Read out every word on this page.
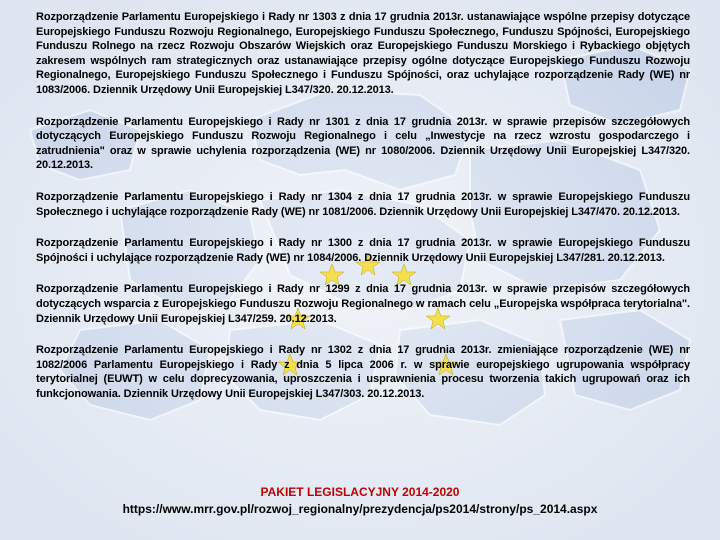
Rozporządzenie Parlamentu Europejskiego i Rady nr 1303 z dnia 17 grudnia 2013r. ustanawiające wspólne przepisy dotyczące Europejskiego Funduszu Rozwoju Regionalnego, Europejskiego Funduszu Społecznego, Funduszu Spójności, Europejskiego Funduszu Rolnego na rzecz Rozwoju Obszarów Wiejskich oraz Europejskiego Funduszu Morskiego i Rybackiego objętych zakresem wspólnych ram strategicznych oraz ustanawiające przepisy ogólne dotyczące Europejskiego Funduszu Rozwoju Regionalnego, Europejskiego Funduszu Społecznego i Funduszu Spójności, oraz uchylające rozporządzenie Rady (WE) nr 1083/2006. Dziennik Urzędowy Unii Europejskiej L347/320. 20.12.2013.

Rozporządzenie Parlamentu Europejskiego i Rady nr 1301 z dnia 17 grudnia 2013r. w sprawie przepisów szczegółowych dotyczących Europejskiego Funduszu Rozwoju Regionalnego i celu „Inwestycje na rzecz wzrostu gospodarczego i zatrudnienia" oraz w sprawie uchylenia rozporządzenia (WE) nr 1080/2006. Dziennik Urzędowy Unii Europejskiej L347/320. 20.12.2013.

Rozporządzenie Parlamentu Europejskiego i Rady nr 1304 z dnia 17 grudnia 2013r. w sprawie Europejskiego Funduszu Społecznego i uchylające rozporządzenie Rady (WE) nr 1081/2006. Dziennik Urzędowy Unii Europejskiej L347/470. 20.12.2013.

Rozporządzenie Parlamentu Europejskiego i Rady nr 1300 z dnia 17 grudnia 2013r. w sprawie Europejskiego Funduszu Spójności i uchylające rozporządzenie Rady (WE) nr 1084/2006. Dziennik Urzędowy Unii Europejskiej L347/281. 20.12.2013.

Rozporządzenie Parlamentu Europejskiego i Rady nr 1299 z dnia 17 grudnia 2013r. w sprawie przepisów szczegółowych dotyczących wsparcia z Europejskiego Funduszu Rozwoju Regionalnego w ramach celu „Europejska współpraca terytorialna". Dziennik Urzędowy Unii Europejskiej L347/259. 20.12.2013.

Rozporządzenie Parlamentu Europejskiego i Rady nr 1302 z dnia 17 grudnia 2013r. zmieniające rozporządzenie (WE) nr 1082/2006 Parlamentu Europejskiego i Rady z dnia 5 lipca 2006 r. w sprawie europejskiego ugrupowania współpracy terytorialnej (EUWT) w celu doprecyzowania, uproszczenia i usprawnienia procesu tworzenia takich ugrupowań oraz ich funkcjonowania. Dziennik Urzędowy Unii Europejskiej L347/303. 20.12.2013.

PAKIET LEGISLACYJNY 2014-2020
https://www.mrr.gov.pl/rozwoj_regionalny/prezydencja/ps2014/strony/ps_2014.aspx
